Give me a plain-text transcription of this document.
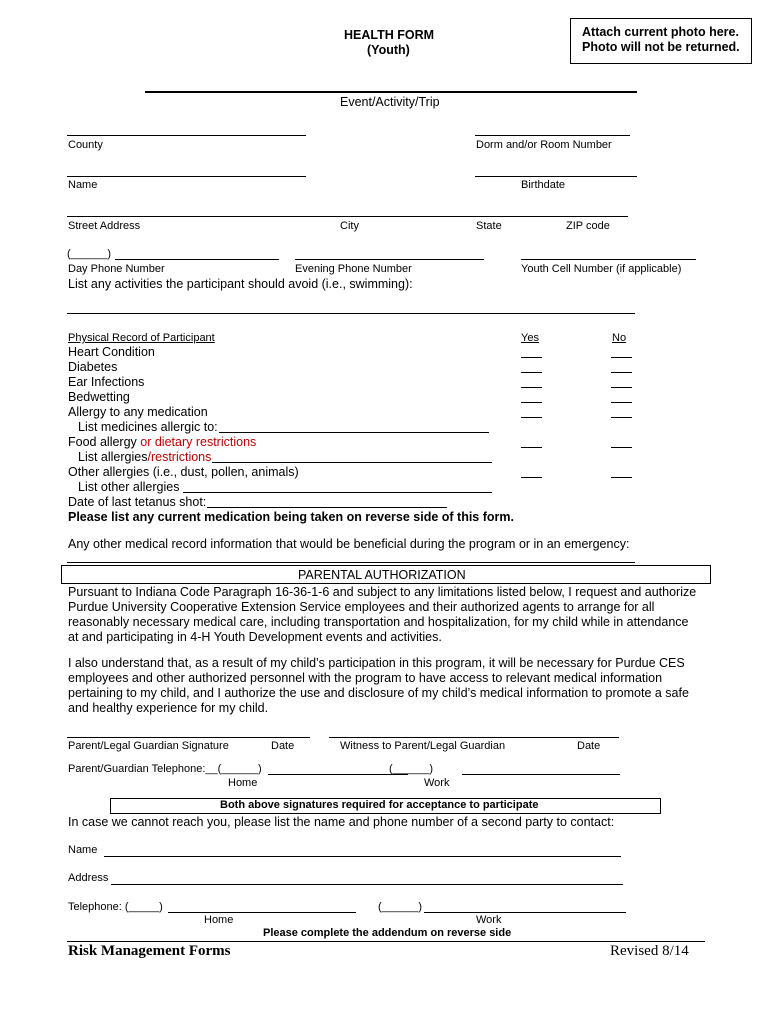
HEALTH FORM
(Youth)
Attach current photo here.
Photo will not be returned.
Event/Activity/Trip
County	Dorm and/or Room Number
Name	Birthdate
Street Address	City	State	ZIP code
(______)
Day Phone Number	Evening Phone Number	Youth Cell Number (if applicable)
List any activities the participant should avoid (i.e., swimming):
Physical Record of Participant	Yes	No
Heart Condition
Diabetes
Ear Infections
Bedwetting
Allergy to any medication
List medicines allergic to:
Food allergy or dietary restrictions
List allergies/restrictions
Other allergies (i.e., dust, pollen, animals)
List other allergies
Date of last tetanus shot:
Please list any current medication being taken on reverse side of this form.
Any other medical record information that would be beneficial during the program or in an emergency:
PARENTAL AUTHORIZATION
Pursuant to Indiana Code Paragraph 16-36-1-6 and subject to any limitations listed below, I request and authorize
Purdue University Cooperative Extension Service employees and their authorized agents to arrange for all
reasonably necessary medical care, including transportation and hospitalization, for my child while in attendance
at and participating in 4-H Youth Development events and activities.
I also understand that, as a result of my child’s participation in this program, it will be necessary for Purdue CES
employees and other authorized personnel with the program to have access to relevant medical information
pertaining to my child, and I authorize the use and disclosure of my child’s medical information to promote a safe
and healthy experience for my child.
Parent/Legal Guardian Signature	Date	Witness to Parent/Legal Guardian	Date
Parent/Guardian Telephone:__(______)	(______)
Home	Work
Both above signatures required for acceptance to participate
In case we cannot reach you, please list the name and phone number of a second party to contact:
Name
Address
Telephone: (_____)	(______)
Home	Work
Please complete the addendum on reverse side
Risk Management Forms	Revised 8/14
